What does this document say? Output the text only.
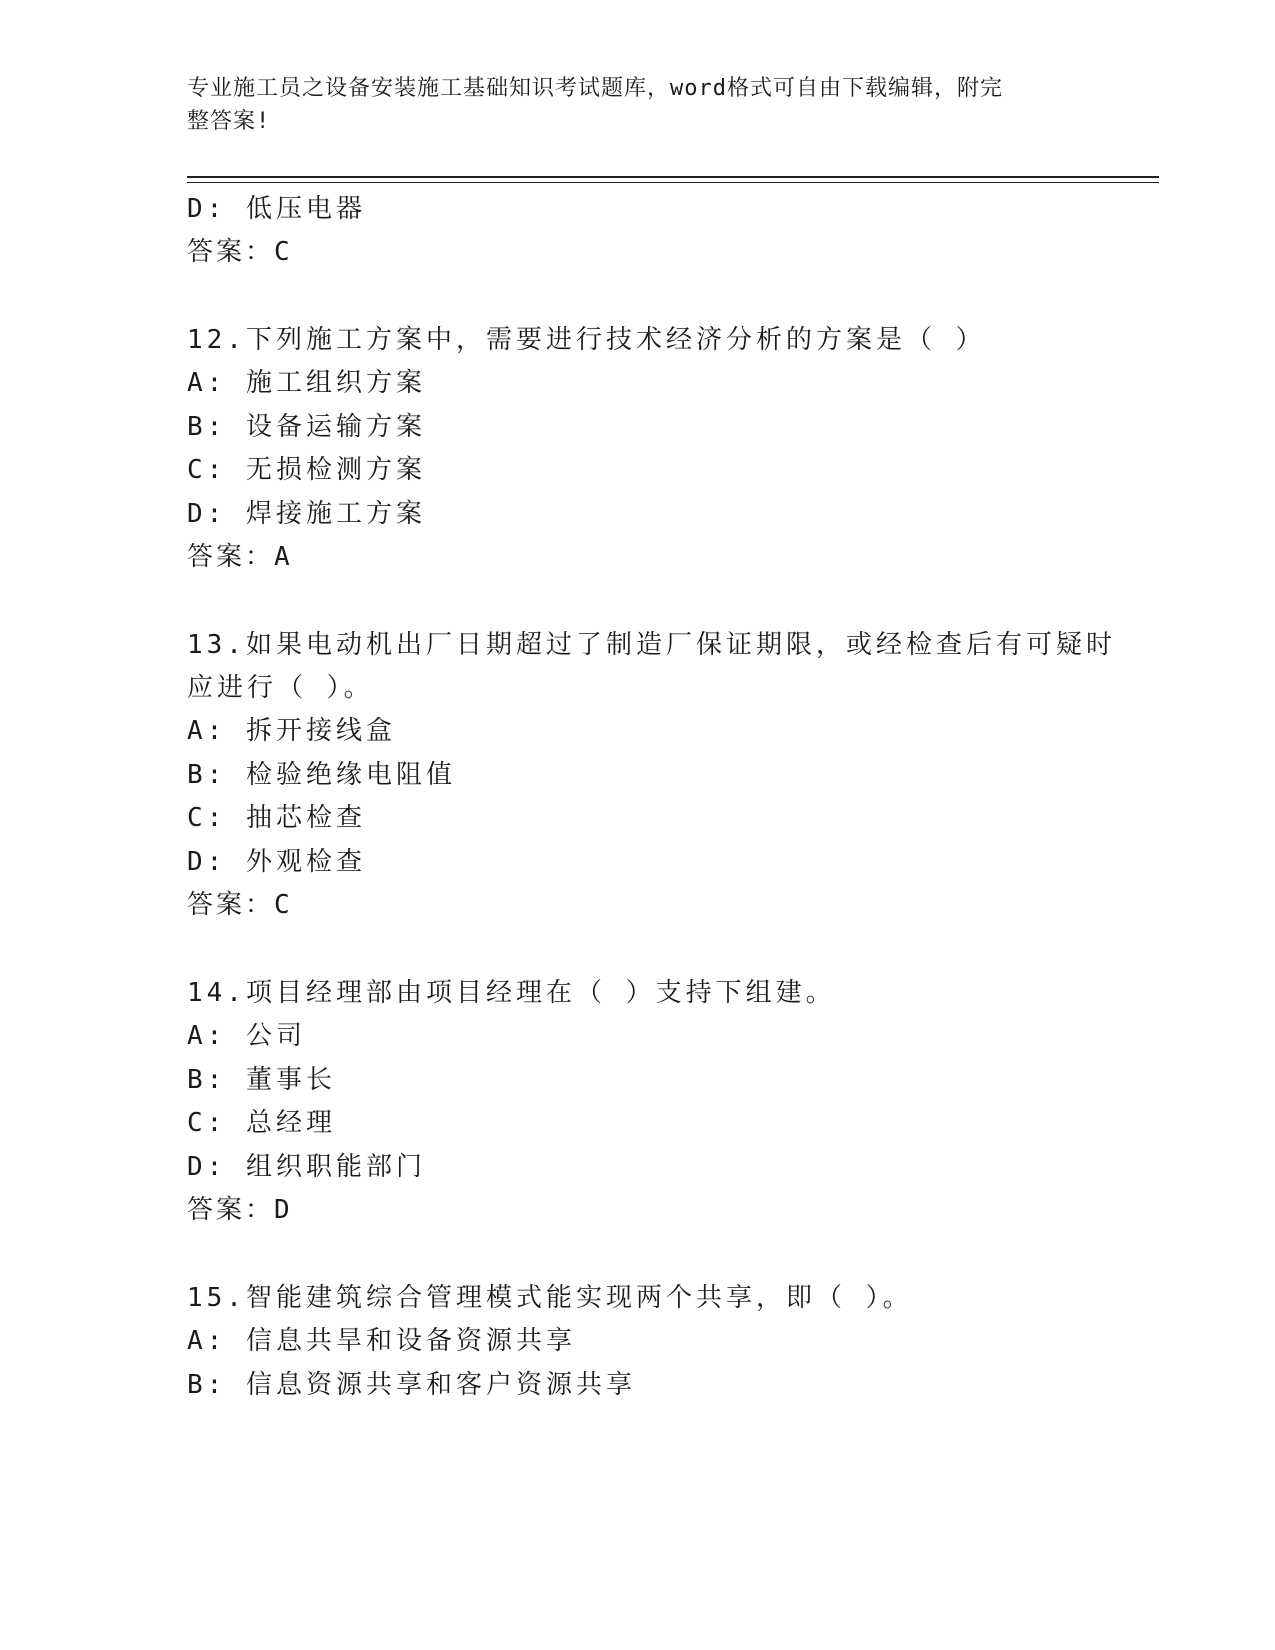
专业施工员之设备安装施工基础知识考试题库，word格式可自由下载编辑，附完
整答案!
D: 低压电器
答案：C
12.下列施工方案中，需要进行技术经济分析的方案是（ ）
A: 施工组织方案
B: 设备运输方案
C: 无损检测方案
D: 焊接施工方案
答案：A
13.如果电动机出厂日期超过了制造厂保证期限，或经检查后有可疑时
应进行（ ）。
A: 拆开接线盒
B: 检验绝缘电阻值
C: 抽芯检查
D: 外观检查
答案：C
14.项目经理部由项目经理在（ ）支持下组建。
A: 公司
B: 董事长
C: 总经理
D: 组织职能部门
答案：D
15.智能建筑综合管理模式能实现两个共享，即（ ）。
A: 信息共旱和设备资源共享
B: 信息资源共享和客户资源共享
